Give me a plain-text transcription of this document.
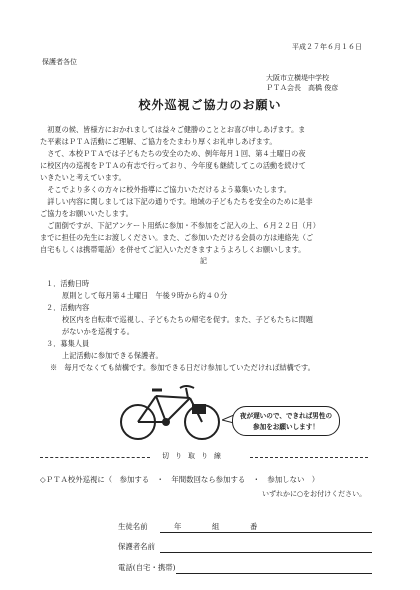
平成２７年６月１６日
保護者各位
大阪市立横堤中学校
ＰＴＡ会長　高橋 俊彦
校外巡視ご協力のお願い

　初夏の候、皆様方におかれましては益々ご健勝のこととお喜び申しあげます。ま

た平素はＰＴＡ活動にご理解、ご協力をたまわり厚くお礼申しあげます。

　さて、本校ＰＴＡでは子どもたちの安全のため、例年毎月１回、第４土曜日の夜

に校区内の巡視をＰＴＡの有志で行っており、今年度も継続してこの活動を続けて

いきたいと考えています。

　そこでより多くの方々に校外指導にご協力いただけるよう募集いたします。

　詳しい内容に関しましては下記の通りです。地域の子どもたちを安全のために是非

ご協力をお願いいたします。

　ご面倒ですが、下記アンケート用紙に参加・不参加をご記入の上、６月２２日（月）

までに担任の先生にお渡しください。また、ご参加いただける会員の方は連絡先（ご

自宅もしくは携帯電話）を併せてご記入いただきますようよろしくお願いします。

記
１．活動日時
原則として毎月第４土曜日　午後９時から約４０分
２．活動内容
校区内を自転車で巡視し、子どもたちの帰宅を促す。また、子どもたちに問題
がないかを巡視する。
３．募集人員
上記活動に参加できる保護者。
※　毎月でなくても結構です。参加できる日だけ参加していただければ結構です。
夜が遅いので、できれば男性の
参加をお願いします！
切り取り線
◇ＰＴＡ校外巡視に（　参加する　・　年間数回なら参加する　・　参加しない　）
いずれかに○をお付けください。
生徒名前	年	組	番
保護者名前
電話(自宅・携帯)
